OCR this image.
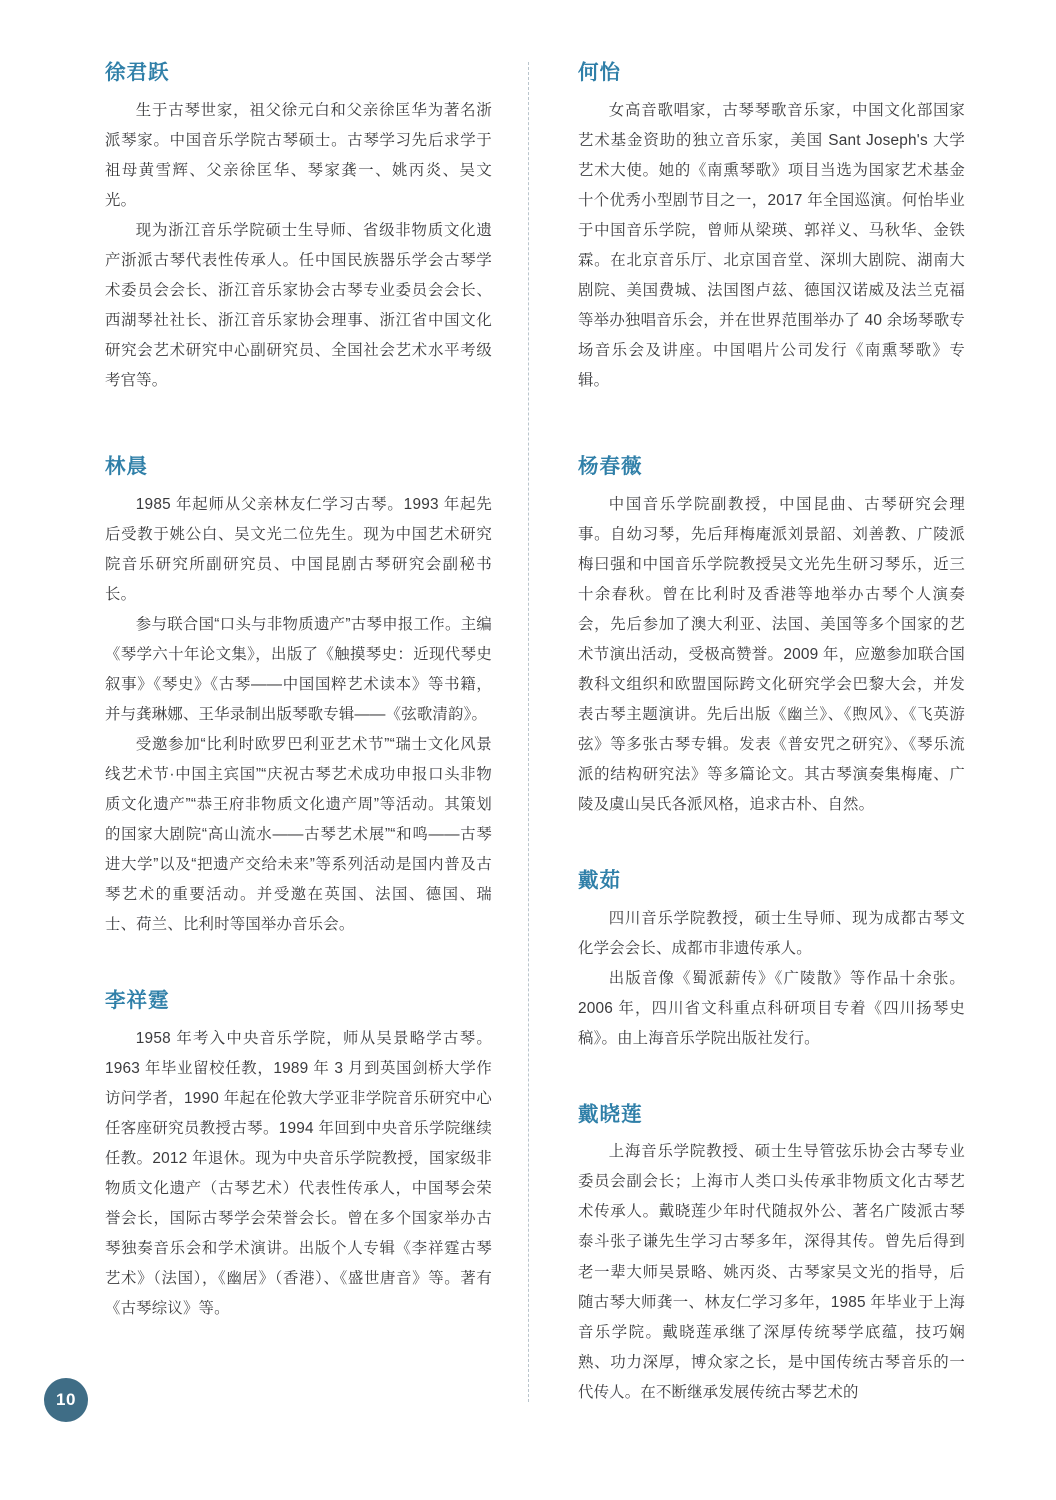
徐君跃

生于古琴世家，祖父徐元白和父亲徐匡华为著名浙派琴家。中国音乐学院古琴硕士。古琴学习先后求学于祖母黄雪辉、父亲徐匡华、琴家龚一、姚丙炎、吴文光。

现为浙江音乐学院硕士生导师、省级非物质文化遗产浙派古琴代表性传承人。任中国民族器乐学会古琴学术委员会会长、浙江音乐家协会古琴专业委员会会长、西湖琴社社长、浙江音乐家协会理事、浙江省中国文化研究会艺术研究中心副研究员、全国社会艺术水平考级考官等。

林晨

1985 年起师从父亲林友仁学习古琴。1993 年起先后受教于姚公白、吴文光二位先生。现为中国艺术研究院音乐研究所副研究员、中国昆剧古琴研究会副秘书长。

参与联合国“口头与非物质遗产”古琴申报工作。主编《琴学六十年论文集》，出版了《触摸琴史：近现代琴史叙事》《琴史》《古琴——中国国粹艺术读本》等书籍，并与龚琳娜、王华录制出版琴歌专辑——《弦歌清韵》。

受邀参加“比利时欧罗巴利亚艺术节”“瑞士文化风景线艺术节·中国主宾国”“庆祝古琴艺术成功申报口头非物质文化遗产”“恭王府非物质文化遗产周”等活动。其策划的国家大剧院“高山流水——古琴艺术展”“和鸣——古琴进大学”以及“把遗产交给未来”等系列活动是国内普及古琴艺术的重要活动。并受邀在英国、法国、德国、瑞士、荷兰、比利时等国举办音乐会。

李祥霆

1958 年考入中央音乐学院，师从吴景略学古琴。1963 年毕业留校任教，1989 年 3 月到英国剑桥大学作访问学者，1990 年起在伦敦大学亚非学院音乐研究中心任客座研究员教授古琴。1994 年回到中央音乐学院继续任教。2012 年退休。现为中央音乐学院教授，国家级非物质文化遗产（古琴艺术）代表性传承人，中国琴会荣誉会长，国际古琴学会荣誉会长。曾在多个国家举办古琴独奏音乐会和学术演讲。出版个人专辑《李祥霆古琴艺术》（法国），《幽居》（香港）、《盛世唐音》等。著有《古琴综议》等。

何怡

女高音歌唱家，古琴琴歌音乐家，中国文化部国家艺术基金资助的独立音乐家，美国 Sant Joseph's 大学艺术大使。她的《南熏琴歌》项目当选为国家艺术基金十个优秀小型剧节目之一，2017 年全国巡演。何怡毕业于中国音乐学院，曾师从梁瑛、郭祥义、马秋华、金铁霖。在北京音乐厅、北京国音堂、深圳大剧院、湖南大剧院、美国费城、法国图卢兹、德国汉诺威及法兰克福等举办独唱音乐会，并在世界范围举办了 40 余场琴歌专场音乐会及讲座。中国唱片公司发行《南熏琴歌》专辑。

杨春薇

中国音乐学院副教授，中国昆曲、古琴研究会理事。自幼习琴，先后拜梅庵派刘景韶、刘善教、广陵派梅曰强和中国音乐学院教授吴文光先生研习琴乐，近三十余春秋。曾在比利时及香港等地举办古琴个人演奏会，先后参加了澳大利亚、法国、美国等多个国家的艺术节演出活动，受极高赞誉。2009 年，应邀参加联合国教科文组织和欧盟国际跨文化研究学会巴黎大会，并发表古琴主题演讲。先后出版《幽兰》、《煦风》、《飞英游弦》等多张古琴专辑。发表《普安咒之研究》、《琴乐流派的结构研究法》等多篇论文。其古琴演奏集梅庵、广陵及虞山吴氏各派风格，追求古朴、自然。

戴茹

四川音乐学院教授，硕士生导师、现为成都古琴文化学会会长、成都市非遗传承人。

出版音像《蜀派薪传》《广陵散》等作品十余张。2006 年，四川省文科重点科研项目专着《四川扬琴史稿》。由上海音乐学院出版社发行。

戴晓莲

上海音乐学院教授、硕士生导管弦乐协会古琴专业委员会副会长；上海市人类口头传承非物质文化古琴艺术传承人。戴晓莲少年时代随叔外公、著名广陵派古琴泰斗张子谦先生学习古琴多年，深得其传。曾先后得到老一辈大师吴景略、姚丙炎、古琴家吴文光的指导，后随古琴大师龚一、林友仁学习多年，1985 年毕业于上海音乐学院。戴晓莲承继了深厚传统琴学底蕴，技巧娴熟、功力深厚，博众家之长，是中国传统古琴音乐的一代传人。在不断继承发展传统古琴艺术的

10
